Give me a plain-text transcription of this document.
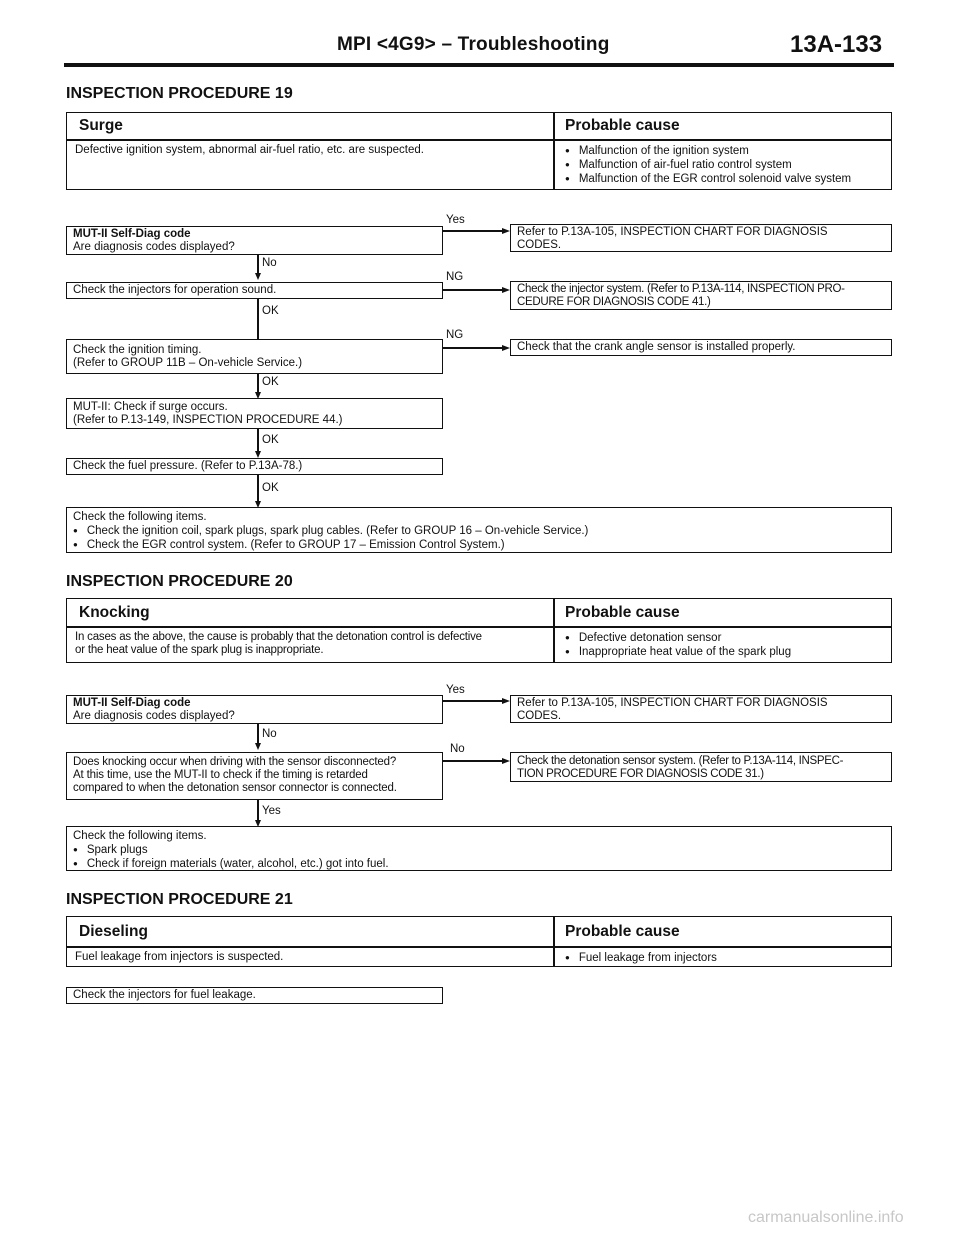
MPI <4G9> – Troubleshooting	13A-133
INSPECTION PROCEDURE 19
Surge	Probable cause
Defective ignition system, abnormal air-fuel ratio, etc. are suspected.	● Malfunction of the ignition system
● Malfunction of air-fuel ratio control system
● Malfunction of the EGR control solenoid valve system
MUT-II Self-Diag code
Are diagnosis codes displayed?
Yes
Refer to P.13A-105, INSPECTION CHART FOR DIAGNOSIS
CODES.
No
Check the injectors for operation sound.
NG
Check the injector system. (Refer to P.13A-114, INSPECTION PRO-
CEDURE FOR DIAGNOSIS CODE 41.)
OK
Check the ignition timing.
(Refer to GROUP 11B – On-vehicle Service.)
NG
Check that the crank angle sensor is installed properly.
OK
MUT-II: Check if surge occurs.
(Refer to P.13-149, INSPECTION PROCEDURE 44.)
OK
Check the fuel pressure. (Refer to P.13A-78.)
OK
Check the following items.
● Check the ignition coil, spark plugs, spark plug cables. (Refer to GROUP 16 – On-vehicle Service.)
● Check the EGR control system. (Refer to GROUP 17 – Emission Control System.)
INSPECTION PROCEDURE 20
Knocking	Probable cause
In cases as the above, the cause is probably that the detonation control is defective
or the heat value of the spark plug is inappropriate.
● Defective detonation sensor
● Inappropriate heat value of the spark plug
MUT-II Self-Diag code
Are diagnosis codes displayed?
Yes
Refer to P.13A-105, INSPECTION CHART FOR DIAGNOSIS
CODES.
No
Does knocking occur when driving with the sensor disconnected?
At this time, use the MUT-II to check if the timing is retarded
compared to when the detonation sensor connector is connected.
No
Check the detonation sensor system. (Refer to P.13A-114, INSPEC-
TION PROCEDURE FOR DIAGNOSIS CODE 31.)
Yes
Check the following items.
● Spark plugs
● Check if foreign materials (water, alcohol, etc.) got into fuel.
INSPECTION PROCEDURE 21
Dieseling	Probable cause
Fuel leakage from injectors is suspected.	● Fuel leakage from injectors
Check the injectors for fuel leakage.
carmanualsonline.info
